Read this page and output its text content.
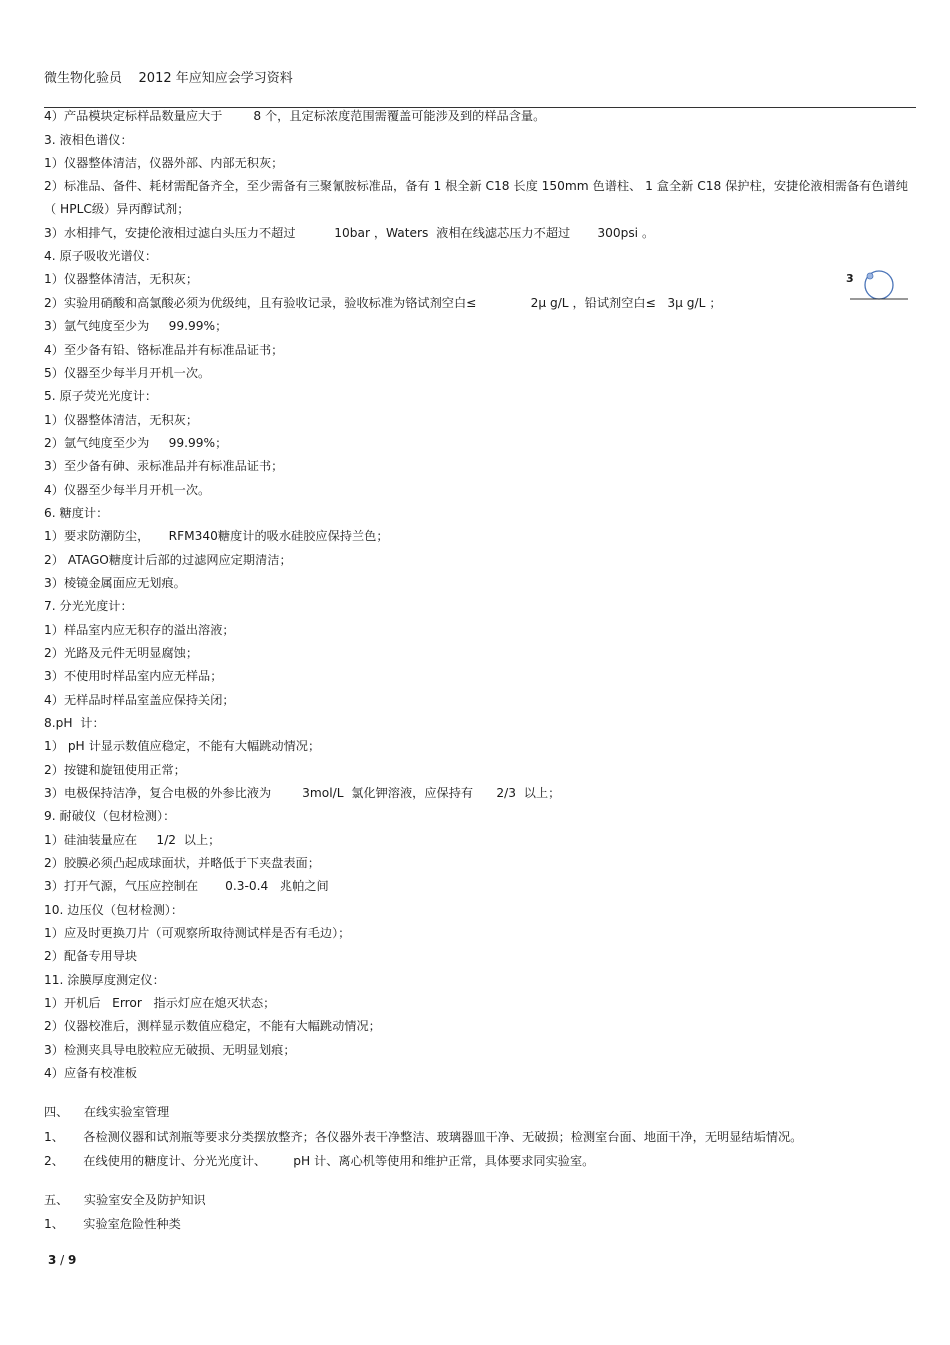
微生物化验员    2012 年应知应会学习资料
3
4）产品模块定标样品数量应大于        8 个，且定标浓度范围需覆盖可能涉及到的样品含量。
3. 液相色谱仪：
1）仪器整体清洁，仪器外部、内部无积灰；
2）标准品、备件、耗材需配备齐全，至少需备有三聚氰胺标准品，备有 1 根全新 C18 长度 150mm 色谱柱、 1 盒全新 C18 保护柱，安捷伦液相需备有色谱纯（ HPLC级）异丙醇试剂；
3）水相排气，安捷伦液相过滤白头压力不超过          10bar ，Waters  液相在线滤芯压力不超过       300psi 。
4. 原子吸收光谱仪：
1）仪器整体清洁，无积灰；
2）实验用硝酸和高氯酸必须为优级纯，且有验收记录，验收标准为铬试剂空白≤              2μ g/L ，铅试剂空白≤   3μ g/L ；
3）氩气纯度至少为     99.99%；
4）至少备有铅、铬标准品并有标准品证书；
5）仪器至少每半月开机一次。
5. 原子荧光光度计：
1）仪器整体清洁，无积灰；
2）氩气纯度至少为     99.99%；
3）至少备有砷、汞标准品并有标准品证书；
4）仪器至少每半月开机一次。
6. 糖度计：
1）要求防潮防尘，     RFM340糖度计的吸水硅胶应保持兰色；
2） ATAGO糖度计后部的过滤网应定期清洁；
3）棱镜金属面应无划痕。
7. 分光光度计：
1）样品室内应无积存的溢出溶液；
2）光路及元件无明显腐蚀；
3）不使用时样品室内应无样品；
4）无样品时样品室盖应保持关闭；
8.pH  计：
1） pH 计显示数值应稳定，不能有大幅跳动情况；
2）按键和旋钮使用正常；
3）电极保持洁净，复合电极的外参比液为        3mol/L  氯化钾溶液，应保持有      2/3  以上；
9. 耐破仪（包材检测）：
1）硅油装量应在     1/2  以上；
2）胶膜必须凸起成球面状，并略低于下夹盘表面；
3）打开气源，气压应控制在       0.3-0.4   兆帕之间
10. 边压仪（包材检测）：
1）应及时更换刀片（可观察所取待测试样是否有毛边）；
2）配备专用导块
11. 涂膜厚度测定仪：
1）开机后   Error   指示灯应在熄灭状态；
2）仪器校准后，测样显示数值应稳定，不能有大幅跳动情况；
3）检测夹具导电胶粒应无破损、无明显划痕；
4）应备有校准板
四、    在线实验室管理
1、     各检测仪器和试剂瓶等要求分类摆放整齐；各仪器外表干净整洁、玻璃器皿干净、无破损；检测室台面、地面干净，无明显结垢情况。
2、     在线使用的糖度计、分光光度计、       pH 计、离心机等使用和维护正常，具体要求同实验室。
五、    实验室安全及防护知识
1、     实验室危险性种类
3 / 9
